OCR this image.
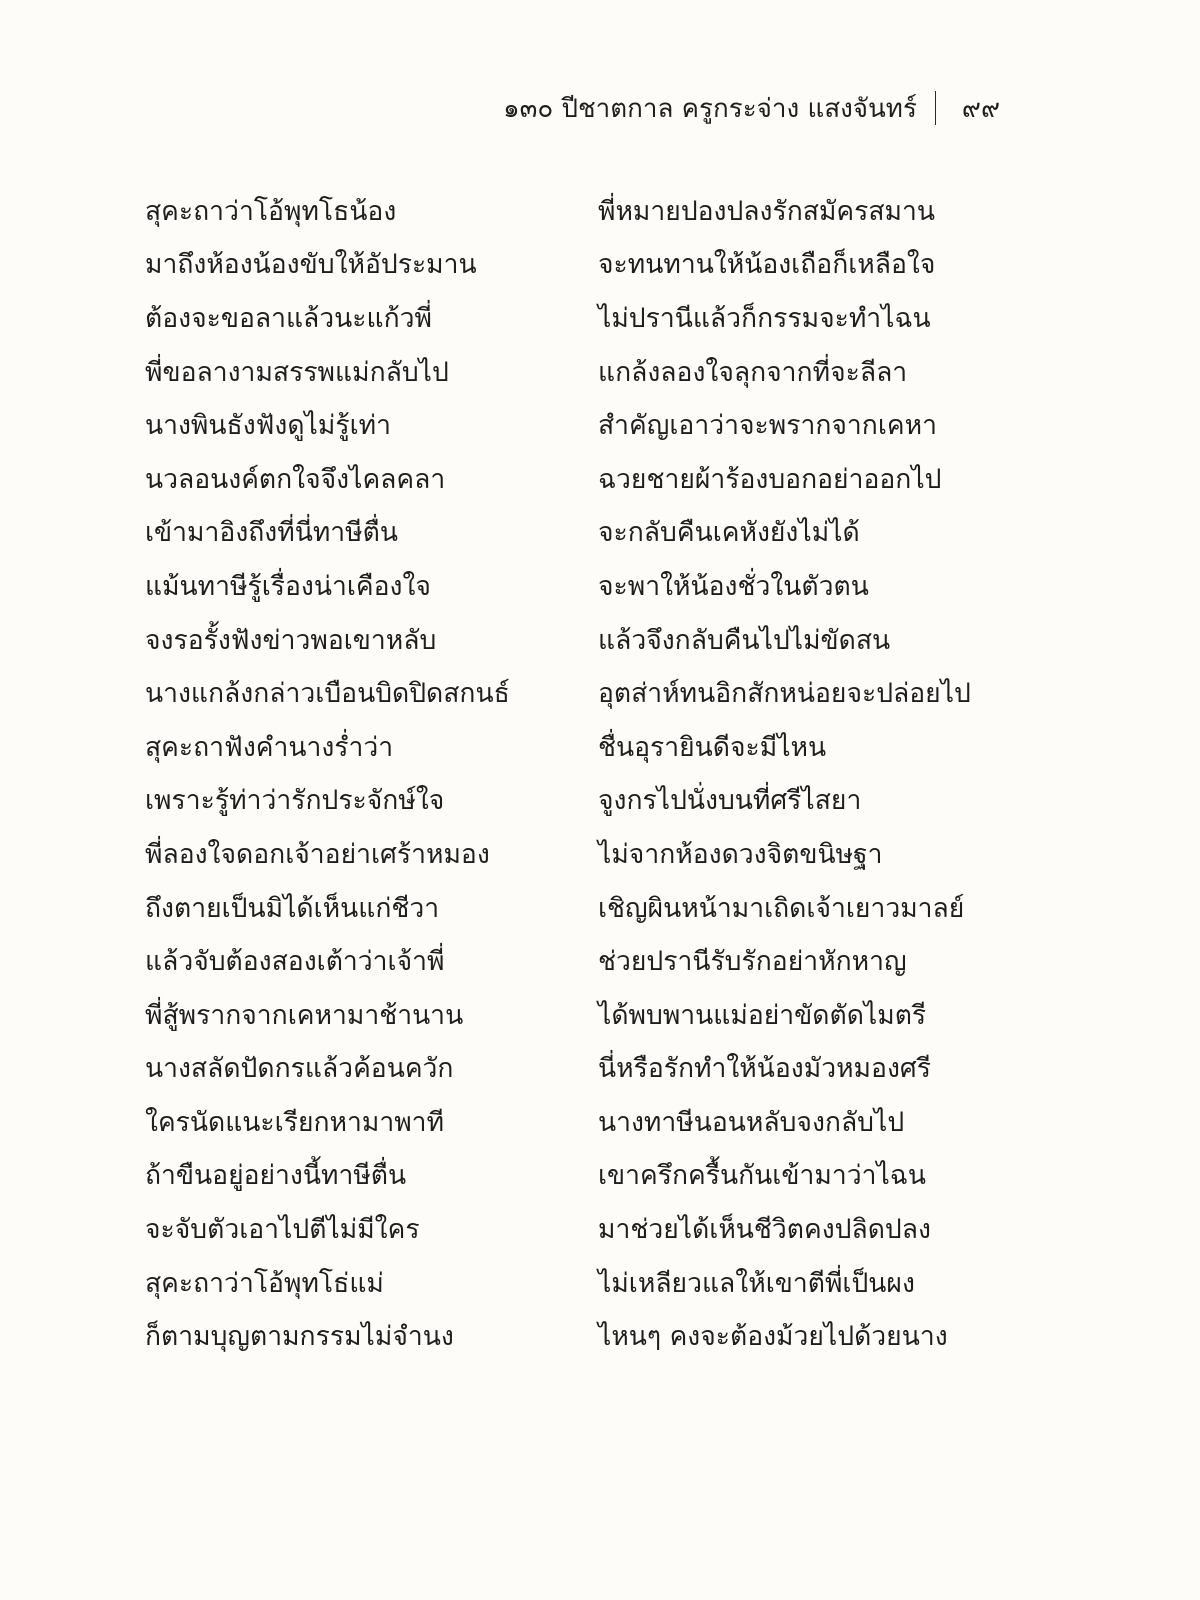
๑๓๐ ปีชาตกาล ครูกระจ่าง แสงจันทร์	๙๙
สุคะถาว่าโอ้พุทโธน้อง	พี่หมายปองปลงรักสมัครสมาน
มาถึงห้องน้องขับให้อัประมาน	จะทนทานให้น้องเถือก็เหลือใจ
ต้องจะขอลาแล้วนะแก้วพี่	ไม่ปรานีแล้วก็กรรมจะทำไฉน
พี่ขอลางามสรรพแม่กลับไป	แกล้งลองใจลุกจากที่จะลีลา
นางพินธังฟังดูไม่รู้เท่า	สำคัญเอาว่าจะพรากจากเคหา
นวลอนงค์ตกใจจึงไคลคลา	ฉวยชายผ้าร้องบอกอย่าออกไป
เข้ามาอิงถึงที่นี่ทาษีตื่น	จะกลับคืนเคหังยังไม่ได้
แม้นทาษีรู้เรื่องน่าเคืองใจ	จะพาให้น้องชั่วในตัวตน
จงรอรั้งฟังข่าวพอเขาหลับ	แล้วจึงกลับคืนไปไม่ขัดสน
นางแกล้งกล่าวเบือนบิดปิดสกนธ์	อุตส่าห์ทนอิกสักหน่อยจะปล่อยไป
สุคะถาฟังคำนางร่ำว่า	ชื่นอุรายินดีจะมีไหน
เพราะรู้ท่าว่ารักประจักษ์ใจ	จูงกรไปนั่งบนที่ศรีไสยา
พี่ลองใจดอกเจ้าอย่าเศร้าหมอง	ไม่จากห้องดวงจิตขนิษฐา
ถึงตายเป็นมิได้เห็นแก่ชีวา	เชิญผินหน้ามาเถิดเจ้าเยาวมาลย์
แล้วจับต้องสองเต้าว่าเจ้าพี่	ช่วยปรานีรับรักอย่าหักหาญ
พี่สู้พรากจากเคหามาช้านาน	ได้พบพานแม่อย่าขัดตัดไมตรี
นางสลัดปัดกรแล้วค้อนควัก	นี่หรือรักทำให้น้องมัวหมองศรี
ใครนัดแนะเรียกหามาพาที	นางทาษีนอนหลับจงกลับไป
ถ้าขืนอยู่อย่างนี้ทาษีตื่น	เขาครึกครื้นกันเข้ามาว่าไฉน
จะจับตัวเอาไปตีไม่มีใคร	มาช่วยได้เห็นชีวิตคงปลิดปลง
สุคะถาว่าโอ้พุทโธ่แม่	ไม่เหลียวแลให้เขาตีพี่เป็นผง
ก็ตามบุญตามกรรมไม่จำนง	ไหนๆ คงจะต้องม้วยไปด้วยนาง
